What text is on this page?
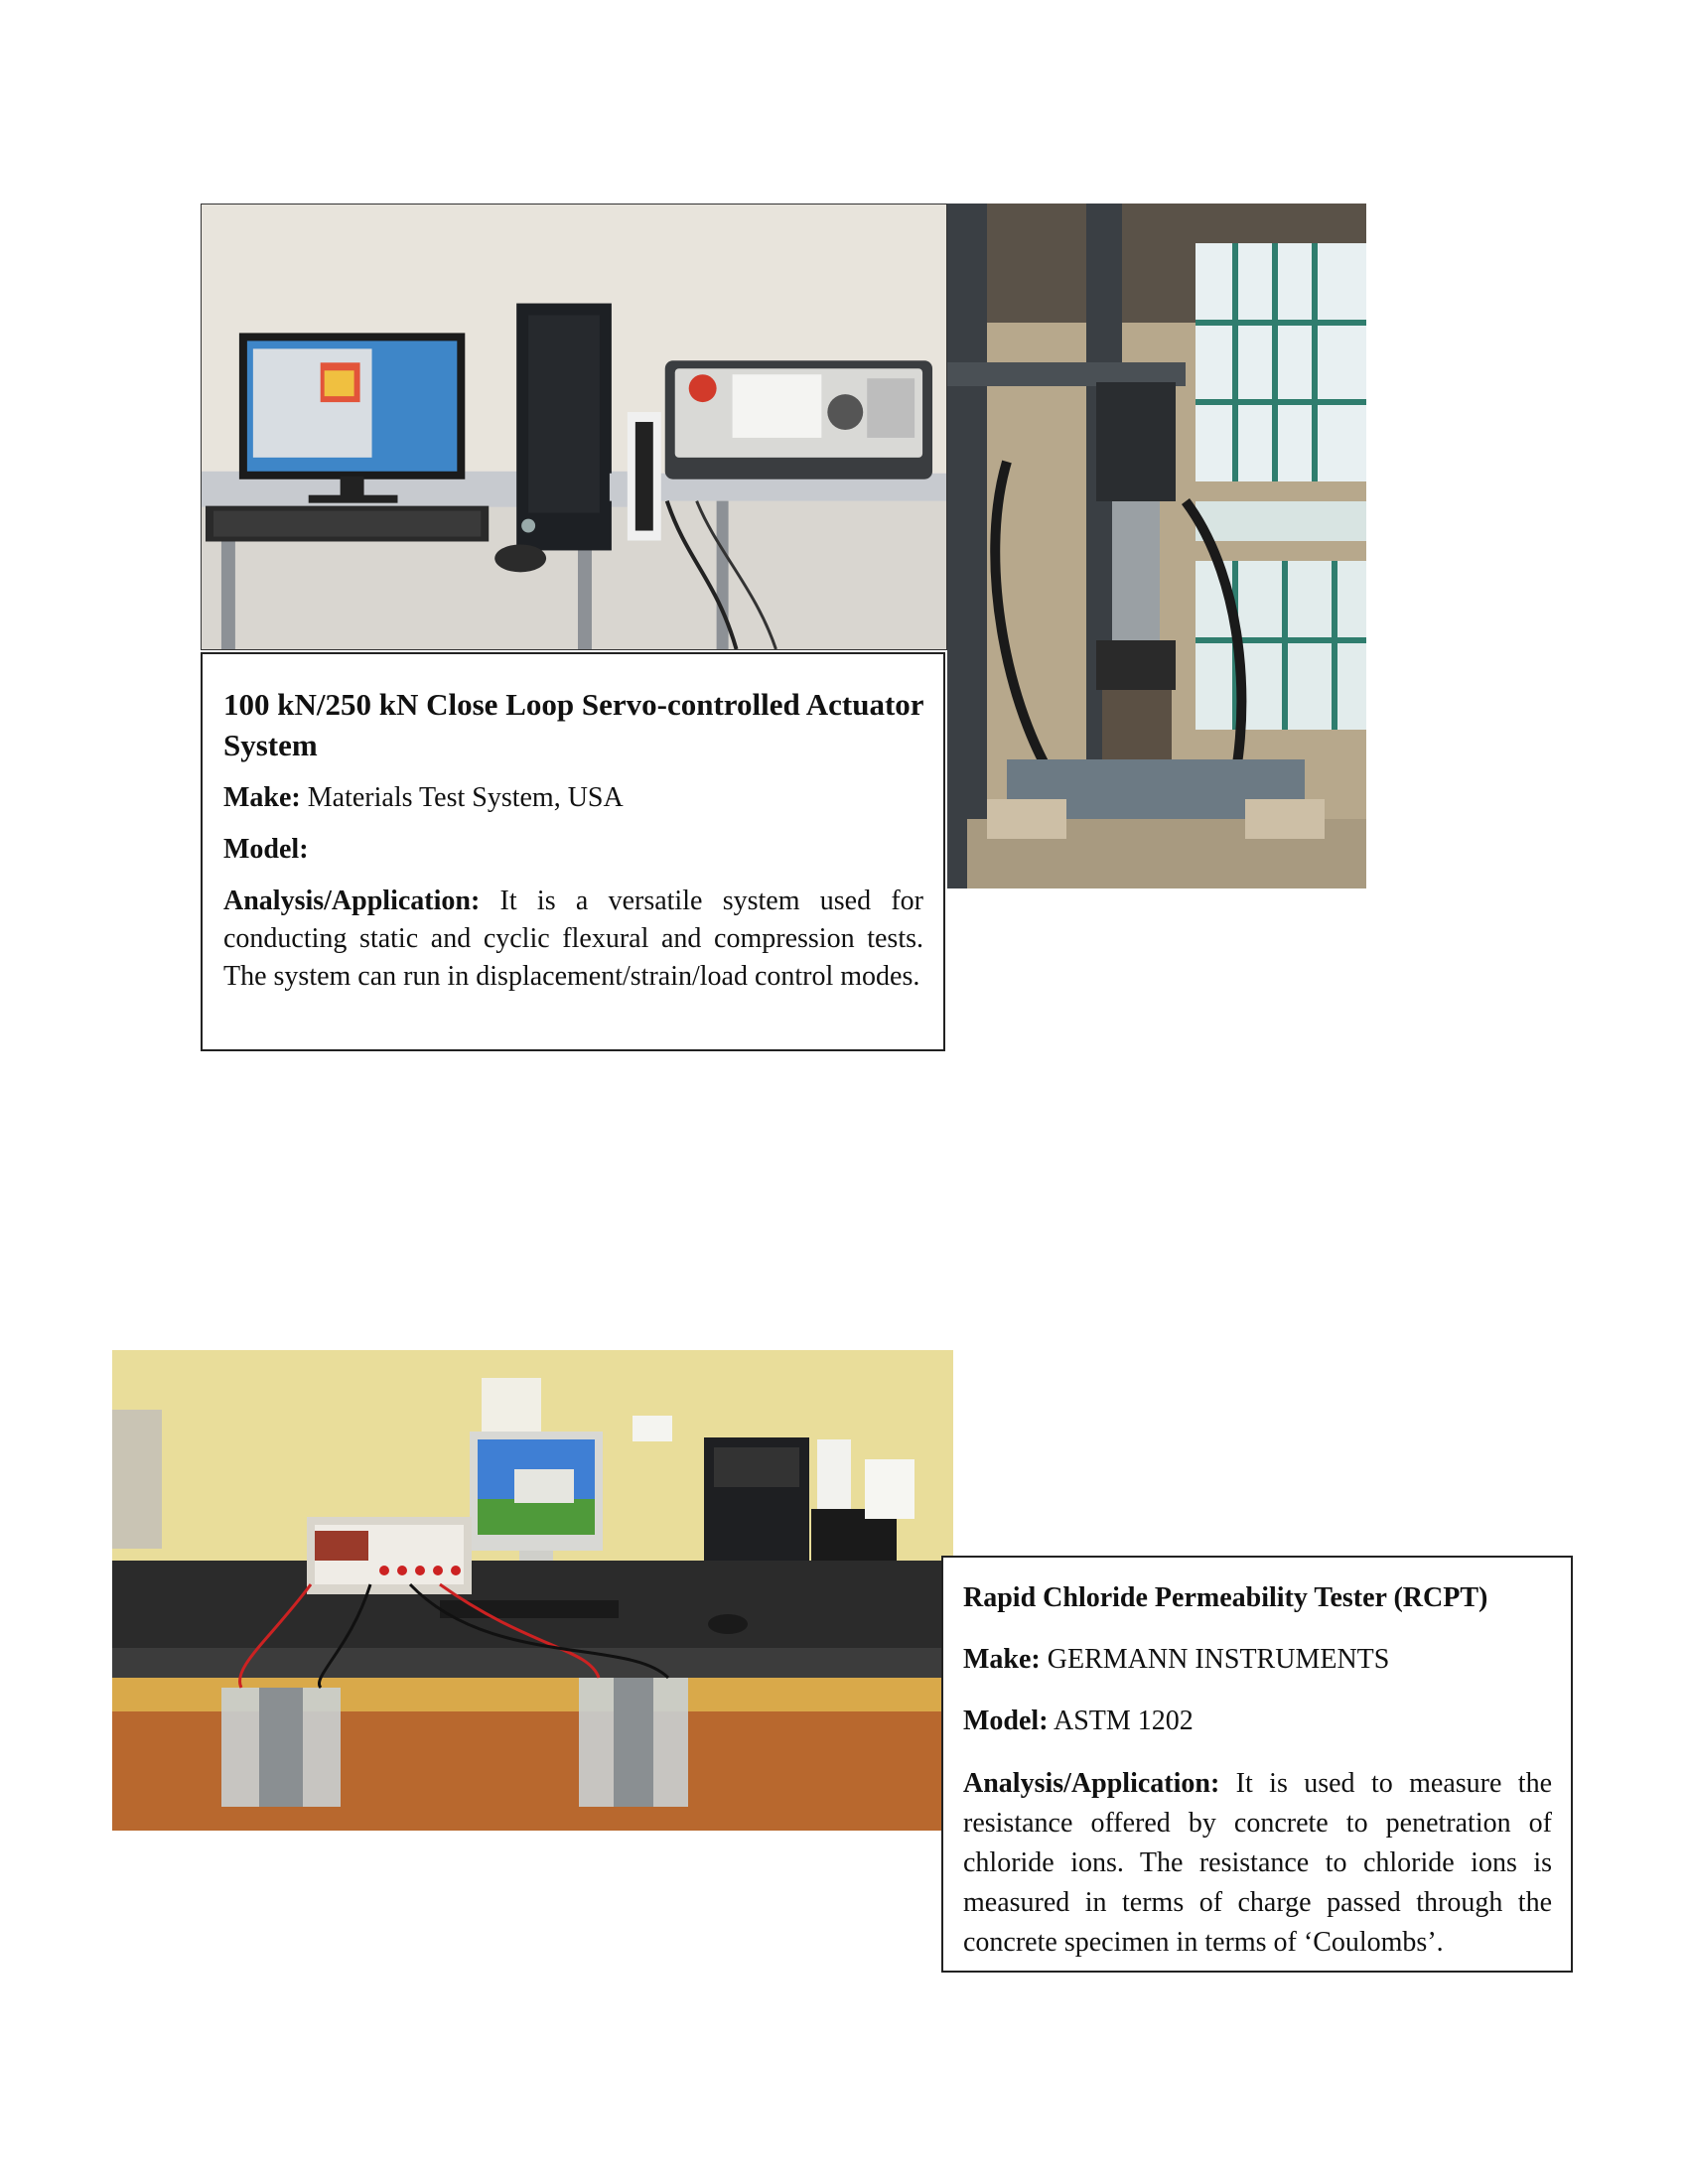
100 kN/250 kN Close Loop Servo-controlled Actuator System

Make: Materials Test System, USA

Model:

Analysis/Application: It is a versatile system used for conducting static and cyclic flexural and compression tests. The system can run in displacement/strain/load control modes.

Rapid Chloride Permeability Tester (RCPT)

Make: GERMANN INSTRUMENTS

Model: ASTM 1202

Analysis/Application: It is used to measure the resistance offered by concrete to penetration of chloride ions. The resistance to chloride ions is measured in terms of charge passed through the concrete specimen in terms of ‘Coulombs’.
